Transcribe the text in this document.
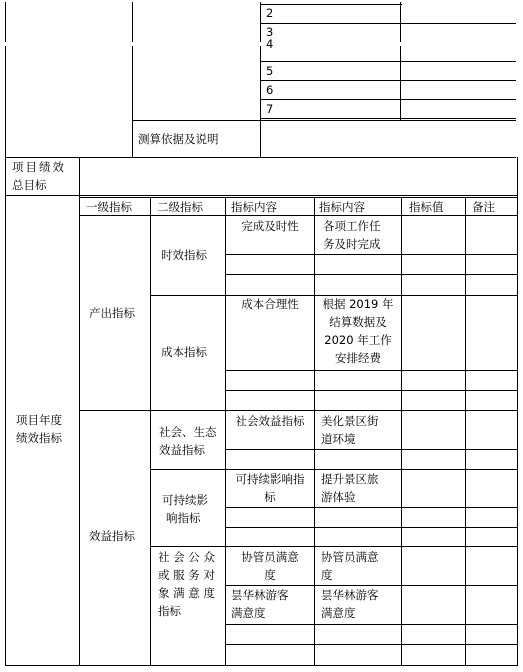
2
3
4
5
6
7
测算依据及说明
项目绩效
总目标
项目年度
绩效指标
一级指标 二级指标 指标内容	指标内容	指标值 备注
产出指标
效益指标
时效指标
成本指标
社会、生态
效益指标
可持续影
响指标
社 会 公 众
或 服 务 对
象 满 意 度
指标
完成及时性
成本合理性
社会效益指标
可持续影响指
标
协管员满意
度
昙华林游客
满意度
各项工作任
务及时完成
根据 2019 年
结算数据及
2020 年工作
安排经费
美化景区街
道环境
提升景区旅
游体验
协管员满意
度
昙华林游客
满意度
